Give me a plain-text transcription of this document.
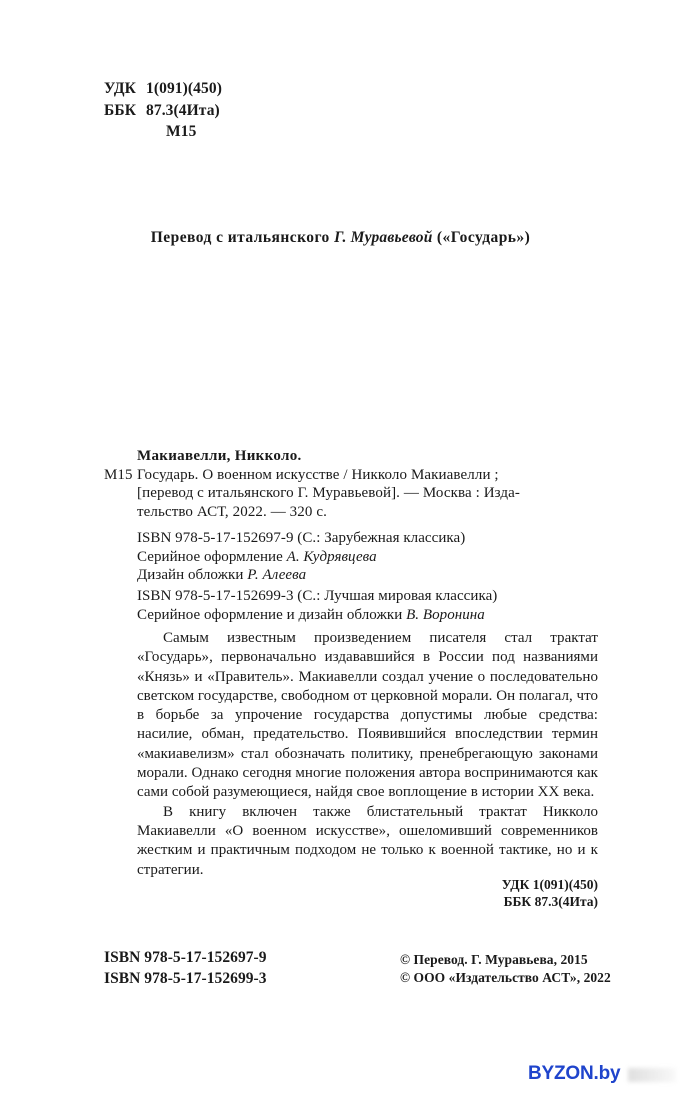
УДК 1(091)(450)
ББК 87.3(4Ита)
М15
Перевод с итальянского Г. Муравьевой («Государь»)
Макиавелли, Никколо.
М15 Государь. О военном искусстве / Никколо Макиавелли ;
[перевод с итальянского Г. Муравьевой]. — Москва : Изда-
тельство АСТ, 2022. — 320 с.
ISBN 978-5-17-152697-9 (С.: Зарубежная классика)
Серийное оформление А. Кудрявцева
Дизайн обложки Р. Алеева
ISBN 978-5-17-152699-3 (С.: Лучшая мировая классика)
Серийное оформление и дизайн обложки В. Воронина

Самым известным произведением писателя стал трактат «Государь», первоначально издававшийся в России под названиями «Князь» и «Правитель». Макиавелли создал учение о последовательно светском государстве, свободном от церковной морали. Он полагал, что в борьбе за упрочение государства допустимы любые средства: насилие, обман, предательство. Появившийся впоследствии термин «макиавелизм» стал обозначать политику, пренебрегающую законами морали. Однако сегодня многие положения автора воспринимаются как сами собой разумеющиеся, найдя свое воплощение в истории XX века.

В книгу включен также блистательный трактат Никколо Макиавелли «О военном искусстве», ошеломивший современников жестким и практичным подходом не только к военной тактике, но и к стратегии.

УДК 1(091)(450)
ББК 87.3(4Ита)
ISBN 978-5-17-152697-9
ISBN 978-5-17-152699-3
© Перевод. Г. Муравьева, 2015
© ООО «Издательство АСТ», 2022
BYZON.by
